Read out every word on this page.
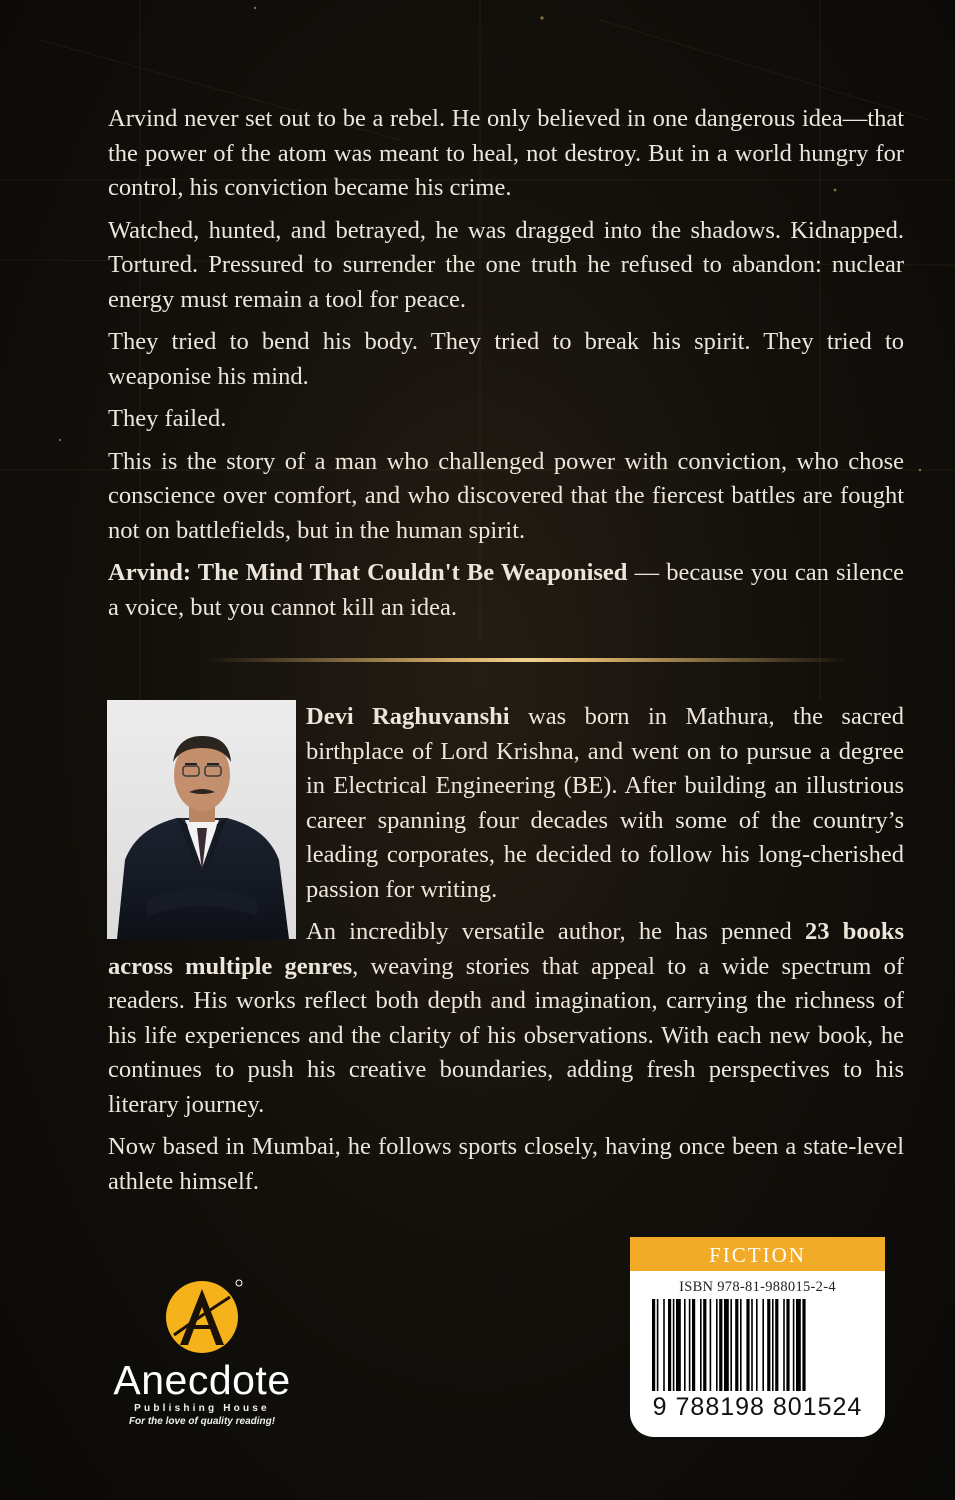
Arvind never set out to be a rebel. He only believed in one dangerous idea—that the power of the atom was meant to heal, not destroy. But in a world hungry for control, his conviction became his crime.

Watched, hunted, and betrayed, he was dragged into the shadows. Kidnapped. Tortured. Pressured to surrender the one truth he refused to abandon: nuclear energy must remain a tool for peace.

They tried to bend his body. They tried to break his spirit. They tried to weaponise his mind.

They failed.

This is the story of a man who challenged power with conviction, who chose conscience over comfort, and who discovered that the fiercest battles are fought not on battlefields, but in the human spirit.

Arvind: The Mind That Couldn't Be Weaponised — because you can silence a voice, but you cannot kill an idea.

Devi Raghuvanshi was born in Mathura, the sacred birthplace of Lord Krishna, and went on to pursue a degree in Electrical Engineering (BE). After building an illustrious career spanning four decades with some of the country’s leading corporates, he decided to follow his long-cherished passion for writing.

An incredibly versatile author, he has penned 23 books across multiple genres, weaving stories that appeal to a wide spectrum of readers. His works reflect both depth and imagination, carrying the richness of his life experiences and the clarity of his observations. With each new book, he continues to push his creative boundaries, adding fresh perspectives to his literary journey.

Now based in Mumbai, he follows sports closely, having once been a state-level athlete himself.

Anecdote
Publishing House
For the love of quality reading!
FICTION
ISBN 978-81-988015-2-4
9 788198 801524
